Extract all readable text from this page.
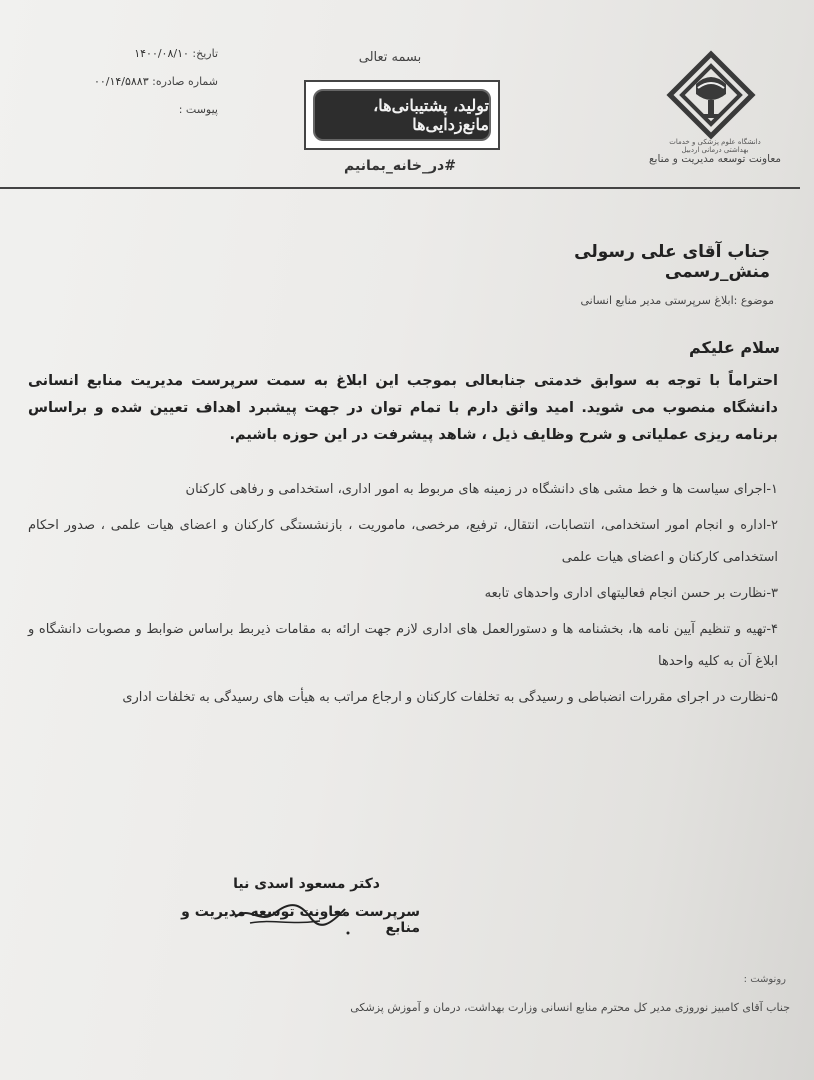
تاریخ: ۱۴۰۰/۰۸/۱۰
شماره صادره: ۰۰/۱۴/۵۸۸۳
پیوست :
بسمه تعالی
تولید، پشتیبانی‌ها، مانع‌زدایی‌ها
#در_خانه_بمانیم
دانشگاه علوم پزشکی و خدمات بهداشتی درمانی اردبیل
معاونت توسعه مدیریت و منابع
جناب آقای علی رسولی منش_رسمی
موضوع :ابلاغ سرپرستی مدیر منابع انسانی
سلام علیکم
احتراماً با توجه به سوابق خدمتی جنابعالی بموجب این ابلاغ به سمت سرپرست مدیریت منابع انسانی دانشگاه منصوب می شوید. امید واثق دارم با تمام توان در جهت پیشبرد اهداف تعیین شده و براساس برنامه ریزی عملیاتی و شرح وظایف ذیل ، شاهد پیشرفت در این حوزه باشیم.

۱-اجرای سیاست ها و خط مشی های دانشگاه در زمینه های مربوط به امور اداری، استخدامی و رفاهی کارکنان

۲-اداره و انجام امور استخدامی، انتصابات، انتقال، ترفیع، مرخصی، ماموریت ، بازنشستگی کارکنان و اعضای هیات علمی ، صدور احکام استخدامی کارکنان و اعضای هیات علمی

۳-نظارت بر حسن انجام فعالیتهای اداری واحدهای تابعه

۴-تهیه و تنظیم آیین نامه ها، بخشنامه ها و دستورالعمل های اداری لازم جهت ارائه به مقامات ذیربط براساس ضوابط و مصوبات دانشگاه و ابلاغ آن به کلیه واحدها

۵-نظارت در اجرای مقررات انضباطی و رسیدگی به تخلفات کارکنان و ارجاع مراتب به هیأت های رسیدگی به تخلفات اداری

دکتر مسعود اسدی نیا
سرپرست معاونت توسعه مدیریت و منابع
رونوشت :
جناب آقای کامبیز نوروزی مدیر کل محترم منابع انسانی وزارت بهداشت، درمان و آموزش پزشکی
